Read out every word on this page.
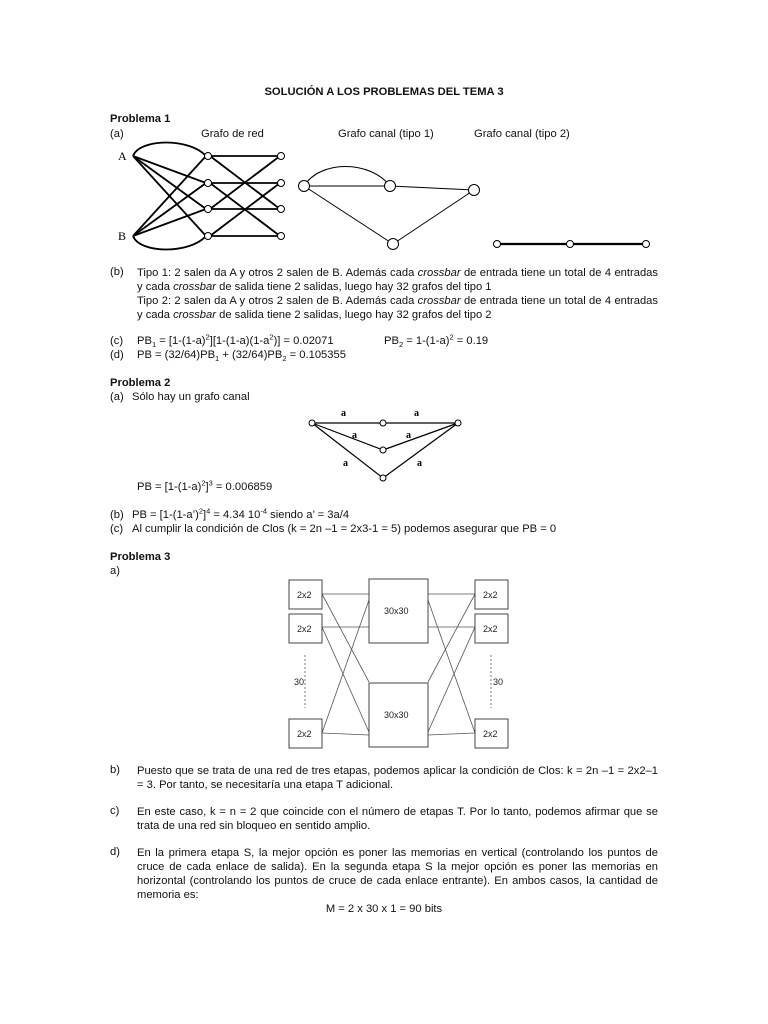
SOLUCIÓN A LOS PROBLEMAS DEL TEMA 3
Problema 1
(a)	Grafo de red	Grafo canal (tipo 1)	Grafo canal (tipo 2)
A
B
a	a
a	a
a	a
2x2
2x2
2x2
2x2
2x2
2x2
30x30
30x30
30	30
(b) Tipo 1: 2 salen da A y otros 2 salen de B. Además cada crossbar de entrada tiene un total de 4 entradas y cada crossbar de salida tiene 2 salidas, luego hay 32 grafos del tipo 1
Tipo 2: 2 salen da A y otros 2 salen de B. Además cada crossbar de entrada tiene un total de 4 entradas y cada crossbar de salida tiene 2 salidas, luego hay 32 grafos del tipo 2
(c) $PB_1 = [1-(1-a)^2][1-(1-a)(1-a^2)] = 0.02071$	$PB_2 = 1-(1-a)^2 = 0.19$
(d) PB = $(32/64)PB_1 + (32/64)PB_2 = 0.105355$
Problema 2
(a) Sólo hay un grafo canal
PB = $[1-(1-a)^2]^3 = 0.006859$
(b) PB = [1-(1-a’)$^2$]$^4$ = 4.34 $10^{-4}$ siendo a’ = 3a/4
(c) Al cumplir la condición de Clos (k = 2n –1 = 2x3-1 = 5) podemos asegurar que PB = 0
Problema 3
a)
b) Puesto que se trata de una red de tres etapas, podemos aplicar la condición de Clos: k = 2n –1 = 2x2–1 = 3. Por tanto, se necesitaría una etapa T adicional.
c) En este caso, k = n = 2 que coincide con el número de etapas T. Por lo tanto, podemos afirmar que se trata de una red sin bloqueo en sentido amplio.
d) En la primera etapa S, la mejor opción es poner las memorias en vertical (controlando los puntos de cruce de cada enlace de salida). En la segunda etapa S la mejor opción es poner las memorias en horizontal (controlando los puntos de cruce de cada enlace entrante). En ambos casos, la cantidad de memoria es:
M = 2 x 30 x 1 = 90 bits
